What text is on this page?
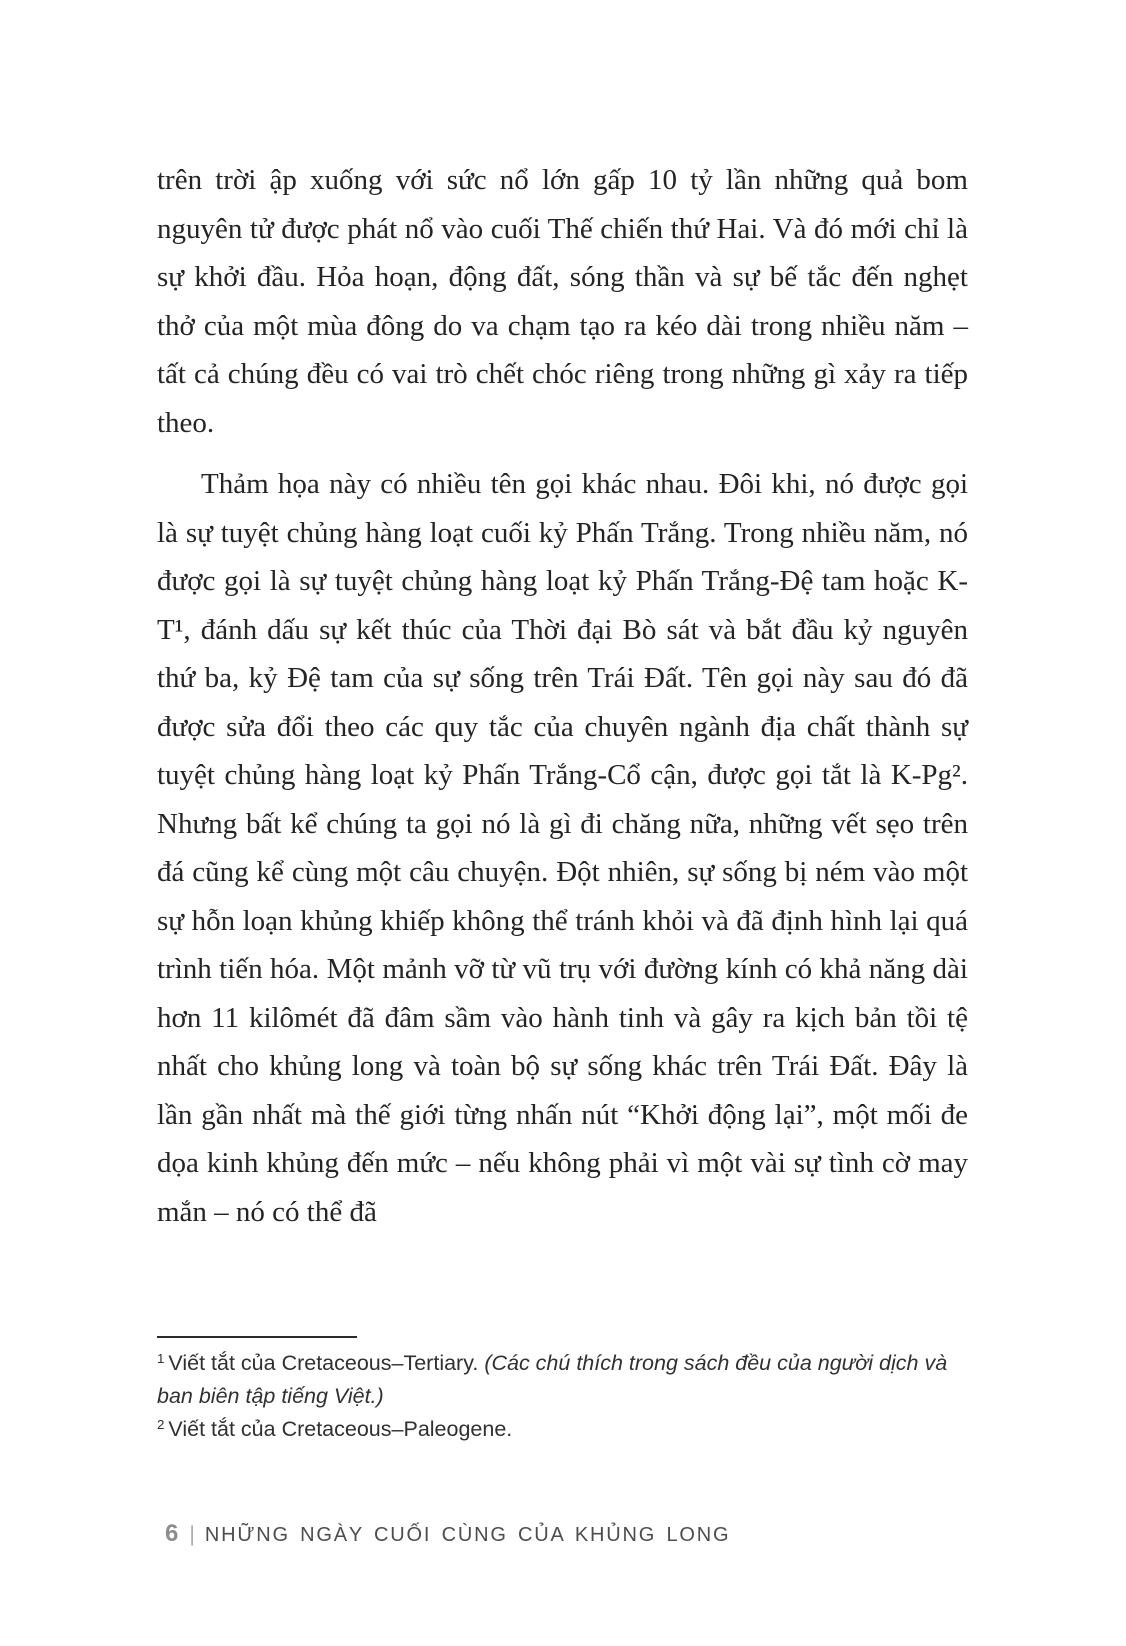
trên trời ập xuống với sức nổ lớn gấp 10 tỷ lần những quả bom nguyên tử được phát nổ vào cuối Thế chiến thứ Hai. Và đó mới chỉ là sự khởi đầu. Hỏa hoạn, động đất, sóng thần và sự bế tắc đến nghẹt thở của một mùa đông do va chạm tạo ra kéo dài trong nhiều năm – tất cả chúng đều có vai trò chết chóc riêng trong những gì xảy ra tiếp theo.

Thảm họa này có nhiều tên gọi khác nhau. Đôi khi, nó được gọi là sự tuyệt chủng hàng loạt cuối kỷ Phấn Trắng. Trong nhiều năm, nó được gọi là sự tuyệt chủng hàng loạt kỷ Phấn Trắng-Đệ tam hoặc K-T¹, đánh dấu sự kết thúc của Thời đại Bò sát và bắt đầu kỷ nguyên thứ ba, kỷ Đệ tam của sự sống trên Trái Đất. Tên gọi này sau đó đã được sửa đổi theo các quy tắc của chuyên ngành địa chất thành sự tuyệt chủng hàng loạt kỷ Phấn Trắng-Cổ cận, được gọi tắt là K-Pg². Nhưng bất kể chúng ta gọi nó là gì đi chăng nữa, những vết sẹo trên đá cũng kể cùng một câu chuyện. Đột nhiên, sự sống bị ném vào một sự hỗn loạn khủng khiếp không thể tránh khỏi và đã định hình lại quá trình tiến hóa. Một mảnh vỡ từ vũ trụ với đường kính có khả năng dài hơn 11 kilômét đã đâm sầm vào hành tinh và gây ra kịch bản tồi tệ nhất cho khủng long và toàn bộ sự sống khác trên Trái Đất. Đây là lần gần nhất mà thế giới từng nhấn nút “Khởi động lại”, một mối đe dọa kinh khủng đến mức – nếu không phải vì một vài sự tình cờ may mắn – nó có thể đã

$^1$ Viết tắt của Cretaceous–Tertiary. (Các chú thích trong sách đều của người dịch và ban biên tập tiếng Việt.)

$^2$ Viết tắt của Cretaceous–Paleogene.

6 | NHỮNG NGÀY CUỐI CÙNG CỦA KHỦNG LONG
